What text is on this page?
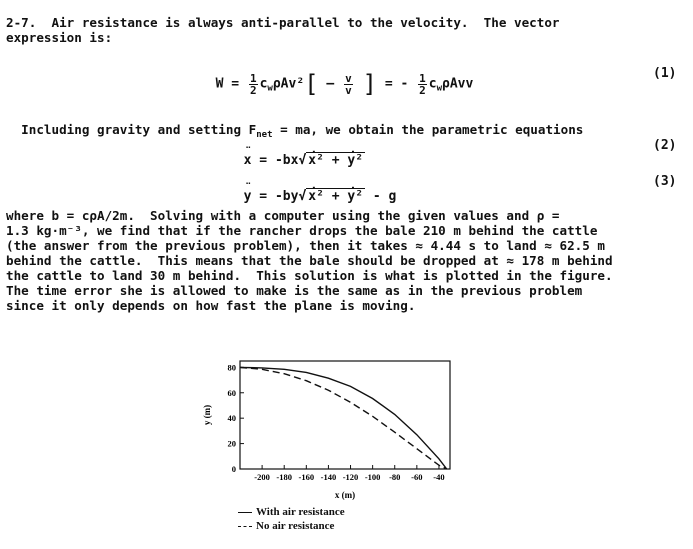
2-7.  Air resistance is always anti-parallel to the velocity.  The vector
expression is:

$W = \frac{1}{2} c_w\rho Av^2[ - \frac{v}{v}$ ] = - $\frac{1}{2} c_w\rho Avv$

(1)

Including gravity and setting $F_{net}$ = ma, we obtain the parametric equations

¨ x = -bx√ · x² + · y²

(2)

¨ y = -by√ · x² + · y² - g

(3)
where b = cρA/2m.  Solving with a computer using the given values and ρ =
1.3 kg·m⁻³, we find that if the rancher drops the bale 210 m behind the cattle
(the answer from the previous problem), then it takes ≈ 4.44 s to land ≈ 62.5 m
behind the cattle.  This means that the bale should be dropped at ≈ 178 m behind
the cattle to land 30 m behind.  This solution is what is plotted in the figure.
The time error she is allowed to make is the same as in the previous problem
since it only depends on how fast the plane is moving.
-200 -180 -160 -140 -120 -100 -80 -60 -40
0
20
40
60
80
x (m)
y (m)
With air resistance
No air resistance
